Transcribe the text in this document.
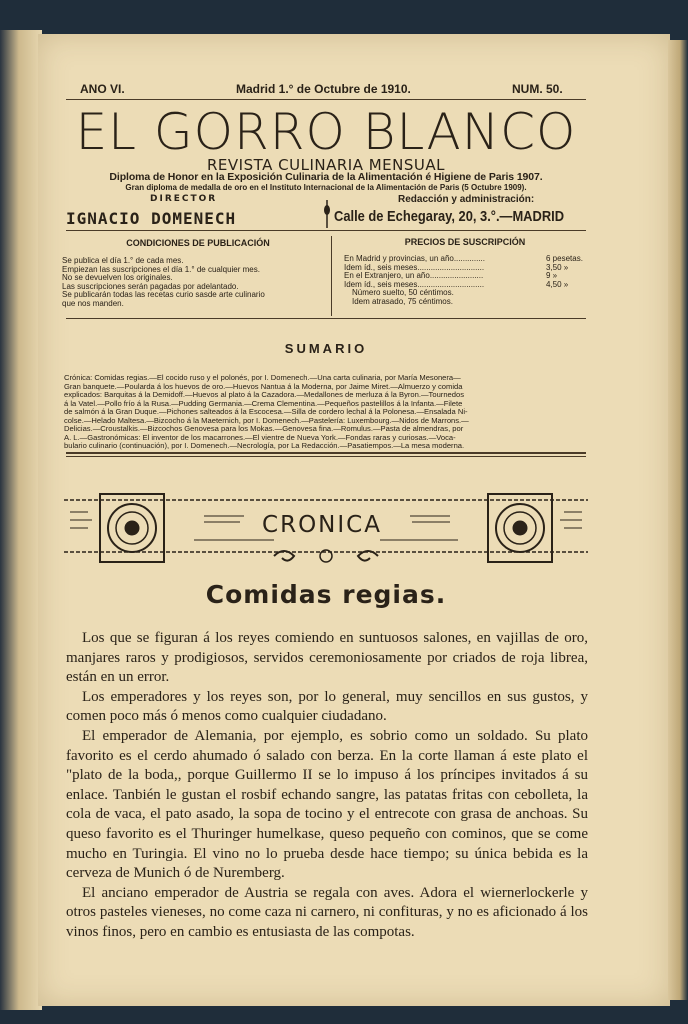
ANO VI.	Madrid 1.° de Octubre de 1910.	NUM. 50.
EL GORRO BLANCO
REVISTA CULINARIA MENSUAL
Diploma de Honor en la Exposición Culinaria de la Alimentación é Higiene de Paris 1907.
Gran diploma de medalla de oro en el Instituto Internacional de la Alimentación de Paris (5 Octubre 1909).
DIRECTOR	Redacción y administración:
IGNACIO DOMENECH	Calle de Echegaray, 20, 3.°.—MADRID
CONDICIONES DE PUBLICACIÓN

Se publica el día 1.° de cada mes.

Empiezan las suscripciones el día 1.° de cualquier mes.

No se devuelven los originales.

Las suscripciones serán pagadas por adelantado.

Se publicarán todas las recetas curio sasde arte culinario

que nos manden.

PRECIOS DE SUSCRIPCIÓN

En Madrid y provincias, un año..............	6 pesetas.

Idem íd., seis meses..............................	3,50 »

En el Extranjero, un año........................	9 »

Idem íd., seis meses..............................	4,50 »

Número suelto, 50 céntimos.

Idem atrasado, 75 céntimos.

SUMARIO
Crónica: Comidas regias.—El cocido ruso y el polonés, por I. Domenech.—Una carta culinaria, por María Mesonera—
Gran banquete.—Poularda á los huevos de oro.—Huevos Nantua á la Moderna, por Jaime Miret.—Almuerzo y comida
explicados: Barquitas á la Demidoff.—Huevos al plato á la Cazadora.—Medallones de merluza á la Byron.—Tournedos
á la Vatel.—Pollo frío á la Rusa.—Pudding Germania.—Crema Clementina.—Pequeños pastelillos á la Infanta.—Filete
de salmón á la Gran Duque.—Pichones salteados á la Escocesa.—Silla de cordero lechal á la Polonesa.—Ensalada Ni-
colse.—Helado Maltesa.—Bizcocho á la Maeternich, por I. Domenech.—Pastelería: Luxembourg.—Nidos de Marrons.—
Delicias.—Croustalkis.—Bizcochos Genovesa para los Mokas.—Genovesa fina.—Romulus.—Pasta de almendras, por
A. L.—Gastronómicas: El inventor de los macarrones.—El vientre de Nueva York.—Fondas raras y curiosas.—Voca-
bulario culinario (continuación), por I. Domenech.—Necrología, por La Redacción.—Pasatiempos.—La mesa moderna.
CRONICA
Comidas regias.

Los que se figuran á los reyes comiendo en suntuosos salones, en vajillas de oro, manjares raros y prodigiosos, servidos ceremoniosamente por criados de roja librea, están en un error.

Los emperadores y los reyes son, por lo general, muy sencillos en sus gustos, y comen poco más ó menos como cualquier ciudadano.

El emperador de Alemania, por ejemplo, es sobrio como un soldado. Su plato favorito es el cerdo ahumado ó salado con berza. En la corte llaman á este plato el "plato de la boda,, porque Guillermo II se lo impuso á los príncipes invitados á su enlace. Tanbién le gustan el rosbif echando sangre, las patatas fritas con cebolleta, la cola de vaca, el pato asado, la sopa de tocino y el entrecote con grasa de anchoas. Su queso favorito es el Thuringer humelkase, queso pequeño con cominos, que se come mucho en Turingia. El vino no lo prueba desde hace tiempo; su única bebida es la cerveza de Munich ó de Nuremberg.

El anciano emperador de Austria se regala con aves. Adora el wiernerlockerle y otros pasteles vieneses, no come caza ni carnero, ni confituras, y no es aficionado á los vinos finos, pero en cambio es entusiasta de las compotas.
